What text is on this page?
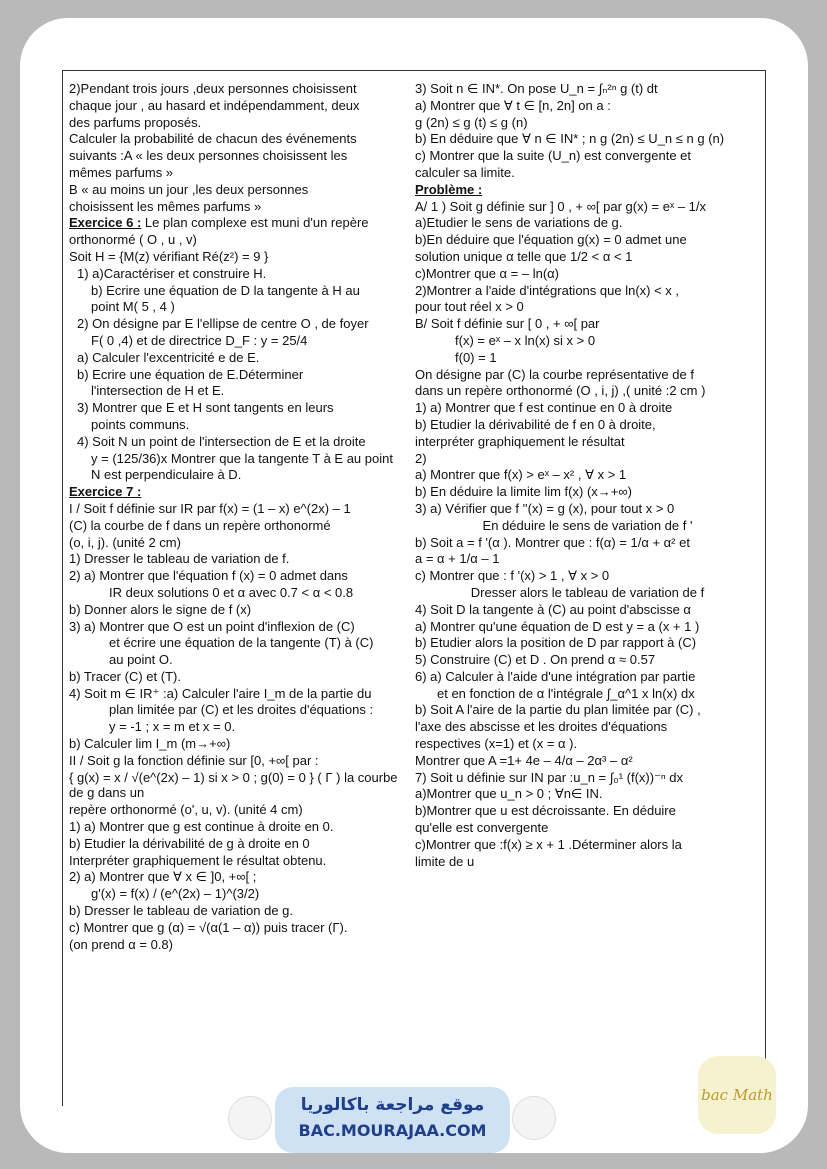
2)Pendant trois jours ,deux personnes choisissent

chaque jour , au hasard et indépendamment, deux

des parfums proposés.

Calculer la probabilité de chacun des événements

suivants :A « les deux personnes choisissent les

mêmes parfums »

B « au moins un jour ,les deux personnes

choisissent les mêmes parfums »

Exercice 6 : Le plan complexe est muni d'un repère

orthonormé ( O , u , v)

Soit H = {M(z) vérifiant Ré(z²) = 9 }

1) a)Caractériser et construire H.

b) Ecrire une équation de D la tangente à H au

point M( 5 , 4 )

2) On désigne par E l'ellipse de centre O , de foyer

F( 0 ,4) et de directrice D_F : y = 25/4

a) Calculer l'excentricité e de E.

b) Ecrire une équation de E.Déterminer

l'intersection de H et E.

3) Montrer que E et H sont tangents en leurs

points communs.

4) Soit N un point de l'intersection de E et la droite

y = (125/36)x Montrer que la tangente T à E au point

N est perpendiculaire à D.

Exercice 7 :

I / Soit f définie sur IR par f(x) = (1 – x) e^(2x) – 1

(C) la courbe de f dans un repère orthonormé

(o, i, j). (unité 2 cm)

1) Dresser le tableau de variation de f.

2) a) Montrer que l'équation f (x) = 0 admet dans

IR deux solutions 0 et α avec 0.7 < α < 0.8

b) Donner alors le signe de f (x)

3) a) Montrer que O est un point d'inflexion de (C)

et écrire une équation de la tangente (T) à (C)

au point O.

b) Tracer (C) et (T).

4) Soit m ∈ IR⁺ :a) Calculer l'aire I_m de la partie du

plan limitée par (C) et les droites d'équations :

y = -1 ; x = m et x = 0.

b) Calculer lim I_m (m→+∞)

II / Soit g la fonction définie sur [0, +∞[ par :

{ g(x) = x / √(e^(2x) – 1) si x > 0 ; g(0) = 0 } ( Γ ) la courbe de g dans un

repère orthonormé (o', u, v). (unité 4 cm)

1) a) Montrer que g est continue à droite en 0.

b) Etudier la dérivabilité de g à droite en 0

Interpréter graphiquement le résultat obtenu.

2) a) Montrer que ∀ x ∈ ]0, +∞[ ;

g'(x) = f(x) / (e^(2x) – 1)^(3/2)

b) Dresser le tableau de variation de g.

c) Montrer que g (α) = √(α(1 – α)) puis tracer (Γ).

(on prend α = 0.8)

3) Soit n ∈ IN*. On pose U_n = ∫ₙ²ⁿ g (t) dt

a) Montrer que ∀ t ∈ [n, 2n] on a :

g (2n) ≤ g (t) ≤ g (n)

b) En déduire que ∀ n ∈ IN* ; n g (2n) ≤ U_n ≤ n g (n)

c) Montrer que la suite (U_n) est convergente et

calculer sa limite.

Problème :

A/ 1 ) Soit g définie sur ] 0 , + ∞[ par g(x) = eˣ – 1/x

a)Etudier le sens de variations de g.

b)En déduire que l'équation g(x) = 0 admet une

solution unique α telle que 1/2 < α < 1

c)Montrer que α = – ln(α)

2)Montrer a l'aide d'intégrations que ln(x) < x ,

pour tout réel x > 0

B/ Soit f définie sur [ 0 , + ∞[ par

f(x) = eˣ – x ln(x) si x > 0

f(0) = 1

On désigne par (C) la courbe représentative de f

dans un repère orthonormé (O , i, j) ,( unité :2 cm )

1) a) Montrer que f est continue en 0 à droite

b) Etudier la dérivabilité de f en 0 à droite,

interpréter graphiquement le résultat

2)

a) Montrer que f(x) > eˣ – x² , ∀ x > 1

b) En déduire la limite lim f(x) (x→+∞)

3) a) Vérifier que f ''(x) = g (x), pour tout x > 0

En déduire le sens de variation de f '

b) Soit a = f '(α ). Montrer que : f(α) = 1/α + α² et

a = α + 1/α – 1

c) Montrer que : f '(x) > 1 , ∀ x > 0

Dresser alors le tableau de variation de f

4) Soit D la tangente à (C) au point d'abscisse α

a) Montrer qu'une équation de D est y = a (x + 1 )

b) Etudier alors la position de D par rapport à (C)

5) Construire (C) et D . On prend α ≈ 0.57

6) a) Calculer à l'aide d'une intégration par partie

et en fonction de α l'intégrale ∫_α^1 x ln(x) dx

b) Soit A l'aire de la partie du plan limitée par (C) ,

l'axe des abscisse et les droites d'équations

respectives (x=1) et (x = α ).

Montrer que A =1+ 4e – 4/α – 2α³ – α²

7) Soit u définie sur IN par :u_n = ∫₀¹ (f(x))⁻ⁿ dx

a)Montrer que u_n > 0 ; ∀n∈ IN.

b)Montrer que u est décroissante. En déduire

qu'elle est convergente

c)Montrer que :f(x) ≥ x + 1 .Déterminer alors la

limite de u

موقع مراجعة باكالوريا
BAC.MOURAJAA.COM
bac Math
